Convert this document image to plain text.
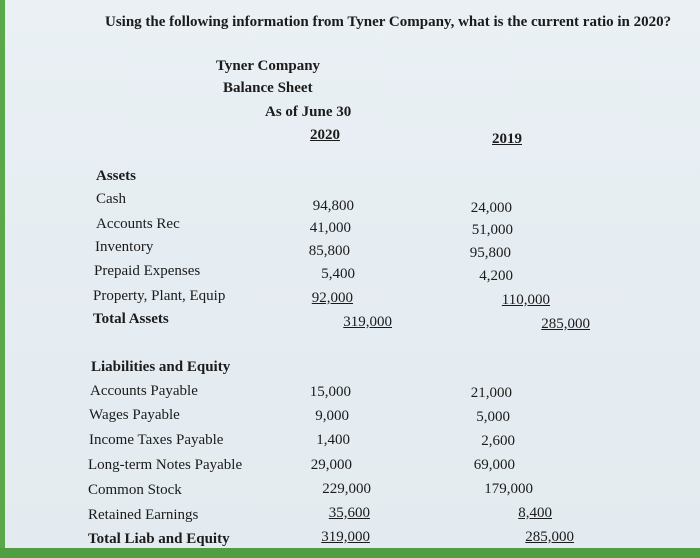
Using the following information from Tyner Company, what is the current ratio in 2020?
Tyner Company
Balance Sheet
As of June 30
2020	2019
Assets
Cash	94,800	24,000
Accounts Rec	41,000	51,000
Inventory	85,800	95,800
Prepaid Expenses	5,400	4,200
Property, Plant, Equip	92,000	110,000
Total Assets	319,000	285,000
Liabilities and Equity
Accounts Payable	15,000	21,000
Wages Payable	9,000	5,000
Income Taxes Payable	1,400	2,600
Long-term Notes Payable	29,000	69,000
Common Stock	229,000	179,000
Retained Earnings	35,600	8,400
Total Liab and Equity	319,000	285,000
